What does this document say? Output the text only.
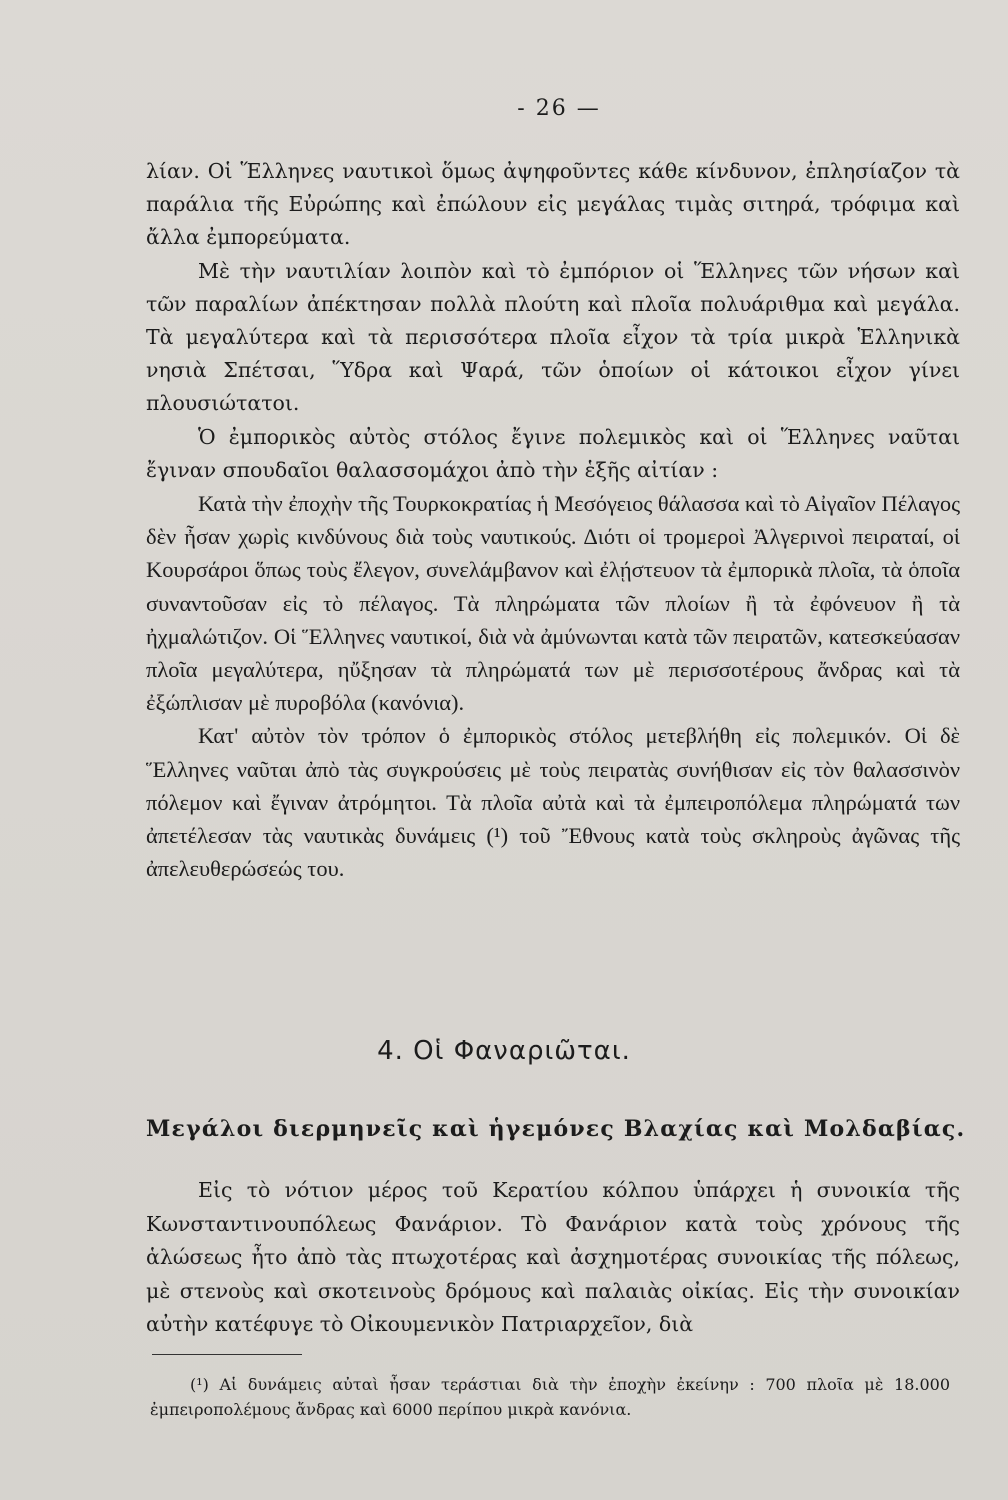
- 26 —

λίαν. Οἱ Ἕλληνες ναυτικοὶ ὅμως ἀψηφοῦντες κάθε κίνδυνον, ἐπλησίαζον τὰ παράλια τῆς Εὐρώπης καὶ ἐπώλουν εἰς μεγάλας τιμὰς σιτηρά, τρόφιμα καὶ ἄλλα ἐμπορεύματα.

Μὲ τὴν ναυτιλίαν λοιπὸν καὶ τὸ ἐμπόριον οἱ Ἕλληνες τῶν νήσων καὶ τῶν παραλίων ἀπέκτησαν πολλὰ πλούτη καὶ πλοῖα πολυάριθμα καὶ μεγάλα. Τὰ μεγαλύτερα καὶ τὰ περισσότερα πλοῖα εἶχον τὰ τρία μικρὰ Ἑλληνικὰ νησιὰ Σπέτσαι, Ὕδρα καὶ Ψαρά, τῶν ὁποίων οἱ κάτοικοι εἶχον γίνει πλουσιώτατοι.

Ὁ ἐμπορικὸς αὐτὸς στόλος ἔγινε πολεμικὸς καὶ οἱ Ἕλληνες ναῦται ἔγιναν σπουδαῖοι θαλασσομάχοι ἀπὸ τὴν ἑξῆς αἰτίαν :

Κατὰ τὴν ἐποχὴν τῆς Τουρκοκρατίας ἡ Μεσόγειος θάλασσα καὶ τὸ Αἰγαῖον Πέλαγος δὲν ἦσαν χωρὶς κινδύνους διὰ τοὺς ναυτικούς. Διότι οἱ τρομεροὶ Ἀλγερινοὶ πειραταί, οἱ Κουρσάροι ὅπως τοὺς ἔλεγον, συνελάμβανον καὶ ἐλῄστευον τὰ ἐμπορικὰ πλοῖα, τὰ ὁποῖα συναντοῦσαν εἰς τὸ πέλαγος. Τὰ πληρώματα τῶν πλοίων ἢ τὰ ἐφόνευον ἢ τὰ ἠχμαλώτιζον. Οἱ Ἕλληνες ναυτικοί, διὰ νὰ ἀμύνωνται κατὰ τῶν πειρατῶν, κατεσκεύασαν πλοῖα μεγαλύτερα, ηὔξησαν τὰ πληρώματά των μὲ περισσοτέρους ἄνδρας καὶ τὰ ἐξώπλισαν μὲ πυροβόλα (κανόνια).

Κατ' αὐτὸν τὸν τρόπον ὁ ἐμπορικὸς στόλος μετεβλήθη εἰς πολεμικόν. Οἱ δὲ Ἕλληνες ναῦται ἀπὸ τὰς συγκρούσεις μὲ τοὺς πειρατὰς συνήθισαν εἰς τὸν θαλασσινὸν πόλεμον καὶ ἔγιναν ἀτρόμητοι. Τὰ πλοῖα αὐτὰ καὶ τὰ ἐμπειροπόλεμα πληρώματά των ἀπετέλεσαν τὰς ναυτικὰς δυνάμεις (¹) τοῦ Ἔθνους κατὰ τοὺς σκληροὺς ἀγῶνας τῆς ἀπελευθερώσεώς του.

4. Οἱ Φαναριῶται.
Μεγάλοι διερμηνεῖς καὶ ἡγεμόνες Βλαχίας καὶ Μολδαβίας.

Εἰς τὸ νότιον μέρος τοῦ Κερατίου κόλπου ὑπάρχει ἡ συνοικία τῆς Κωνσταντινουπόλεως Φανάριον. Τὸ Φανάριον κατὰ τοὺς χρόνους τῆς ἁλώσεως ἦτο ἀπὸ τὰς πτωχοτέρας καὶ ἀσχημοτέρας συνοικίας τῆς πόλεως, μὲ στενοὺς καὶ σκοτεινοὺς δρόμους καὶ παλαιὰς οἰκίας. Εἰς τὴν συνοικίαν αὐτὴν κατέφυγε τὸ Οἰκουμενικὸν Πατριαρχεῖον, διὰ

(¹) Αἱ δυνάμεις αὐταὶ ἦσαν τεράστιαι διὰ τὴν ἐποχὴν ἐκείνην : 700 πλοῖα μὲ 18.000 ἐμπειροπολέμους ἄνδρας καὶ 6000 περίπου μικρὰ κανόνια.
